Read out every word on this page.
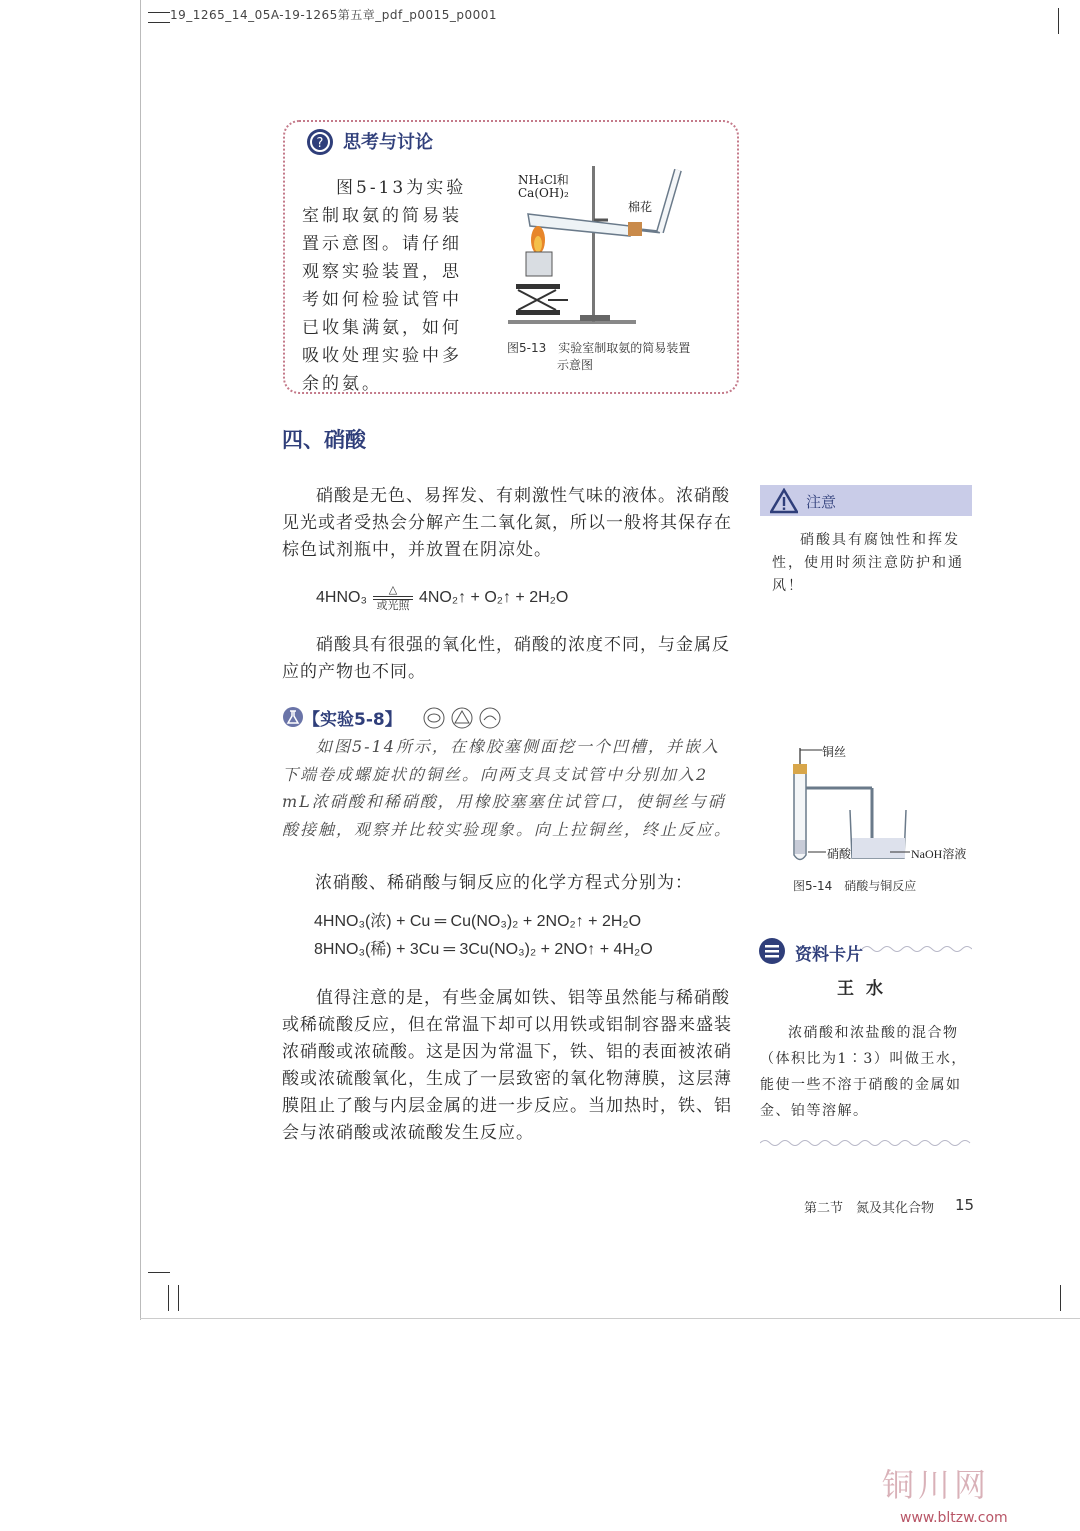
19_1265_14_05A-19-1265第五章_pdf_p0015_p0001
? 思考与讨论
图5-13为实验室制取氨的简易装置示意图。请仔细观察实验装置，思考如何检验试管中已收集满氨，如何吸收处理实验中多余的氨。
NH₄Cl和
Ca(OH)₂
棉花
图5-13　实验室制取氨的简易装置
示意图
四、硝酸
硝酸是无色、易挥发、有刺激性气味的液体。浓硝酸见光或者受热会分解产生二氧化氮，所以一般将其保存在棕色试剂瓶中，并放置在阴凉处。
4HNO₃ △
或光照 4NO₂↑ + O₂↑ + 2H₂O
硝酸具有很强的氧化性，硝酸的浓度不同，与金属反应的产物也不同。
【实验5-8】
如图5-14所示，在橡胶塞侧面挖一个凹槽，并嵌入下端卷成螺旋状的铜丝。向两支具支试管中分别加入2 mL浓硝酸和稀硝酸，用橡胶塞塞住试管口，使铜丝与硝酸接触，观察并比较实验现象。向上拉铜丝，终止反应。
浓硝酸、稀硝酸与铜反应的化学方程式分别为：
4HNO₃(浓) + Cu ═ Cu(NO₃)₂ + 2NO₂↑ + 2H₂O
8HNO₃(稀) + 3Cu ═ 3Cu(NO₃)₂ + 2NO↑ + 4H₂O
值得注意的是，有些金属如铁、铝等虽然能与稀硝酸或稀硫酸反应，但在常温下却可以用铁或铝制容器来盛装浓硝酸或浓硫酸。这是因为常温下，铁、铝的表面被浓硝酸或浓硫酸氧化，生成了一层致密的氧化物薄膜，这层薄膜阻止了酸与内层金属的进一步反应。当加热时，铁、铝会与浓硝酸或浓硫酸发生反应。
注意
硝酸具有腐蚀性和挥发性，使用时须注意防护和通风！
铜丝
硝酸	NaOH溶液
图5-14　硝酸与铜反应
资料卡片
王水
浓硝酸和浓盐酸的混合物（体积比为1∶3）叫做王水，能使一些不溶于硝酸的金属如金、铂等溶解。
第二节　氮及其化合物 15
铜川网
www.bltzw.com
